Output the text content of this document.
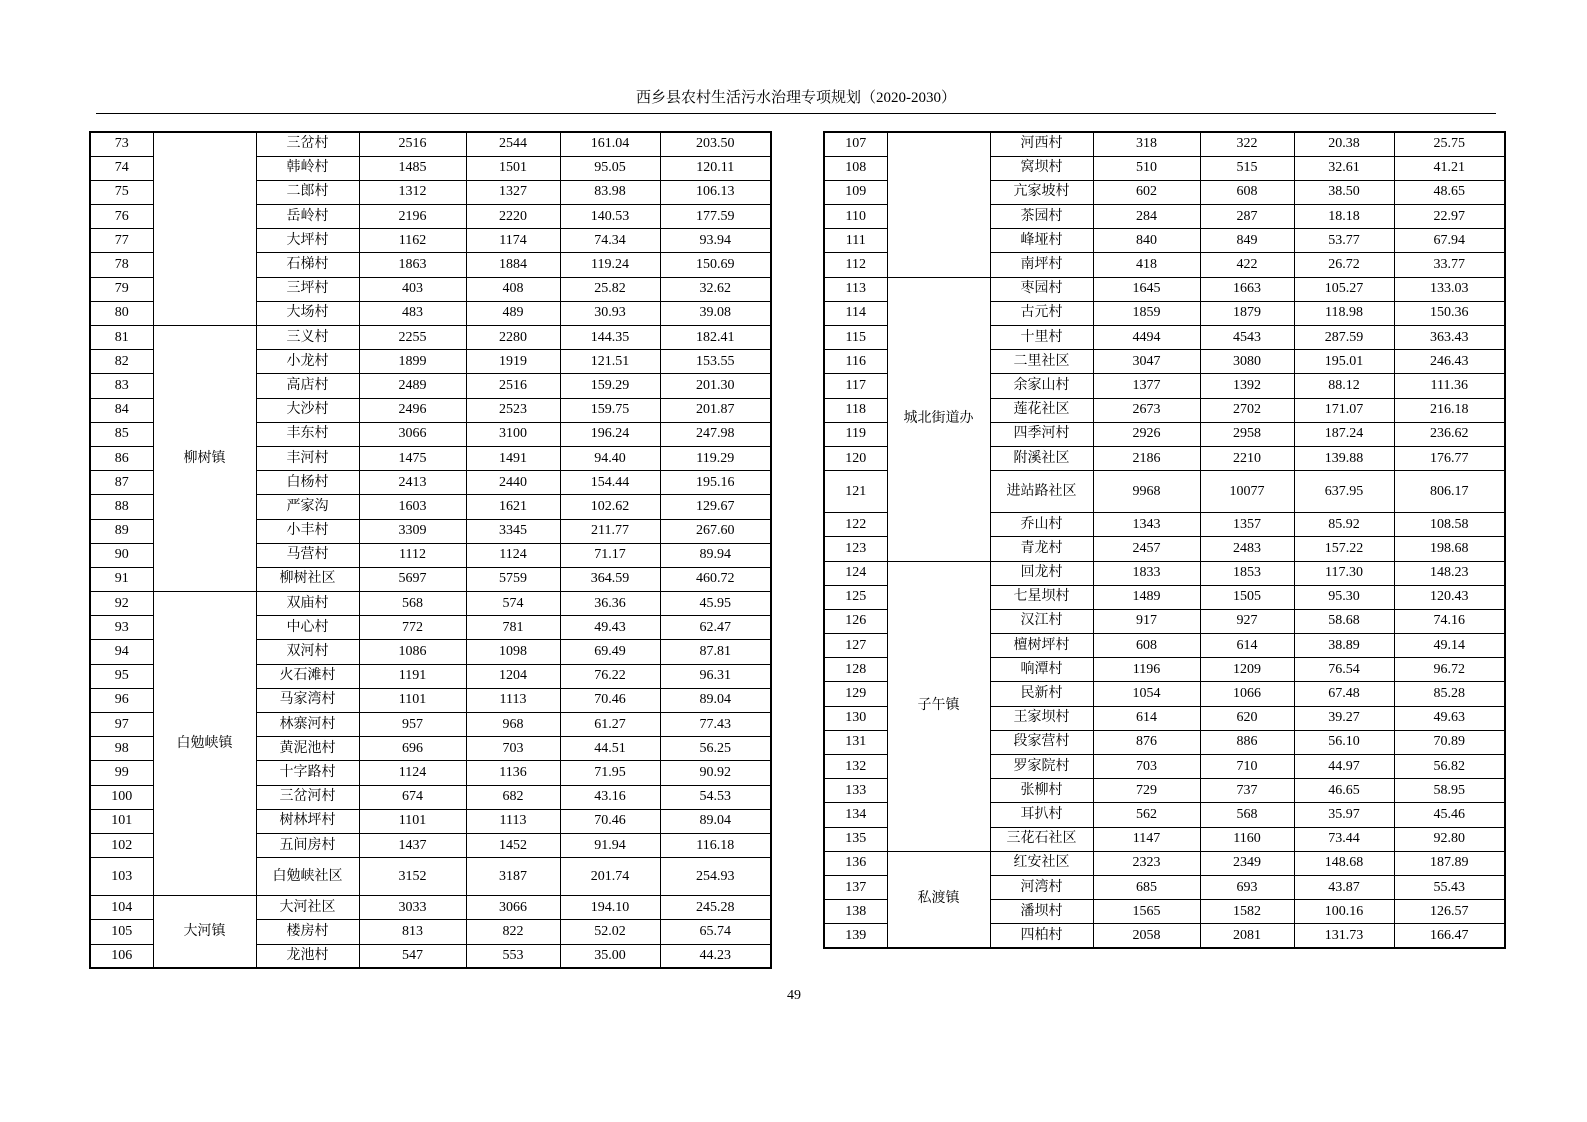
西乡县农村生活污水治理专项规划（2020-2030）
73		三岔村	2516	2544	161.04	203.50
74		韩岭村	1485	1501	95.05	120.11
75		二郎村	1312	1327	83.98	106.13
76		岳岭村	2196	2220	140.53	177.59
77		大坪村	1162	1174	74.34	93.94
78		石梯村	1863	1884	119.24	150.69
79		三坪村	403	408	25.82	32.62
80		大场村	483	489	30.93	39.08
81	柳树镇	三义村	2255	2280	144.35	182.41
82		小龙村	1899	1919	121.51	153.55
83		高店村	2489	2516	159.29	201.30
84		大沙村	2496	2523	159.75	201.87
85		丰东村	3066	3100	196.24	247.98
86		丰河村	1475	1491	94.40	119.29
87		白杨村	2413	2440	154.44	195.16
88		严家沟	1603	1621	102.62	129.67
89		小丰村	3309	3345	211.77	267.60
90		马营村	1112	1124	71.17	89.94
91		柳树社区	5697	5759	364.59	460.72
92	白勉峡镇	双庙村	568	574	36.36	45.95
93		中心村	772	781	49.43	62.47
94		双河村	1086	1098	69.49	87.81
95		火石滩村	1191	1204	76.22	96.31
96		马家湾村	1101	1113	70.46	89.04
97		林寨河村	957	968	61.27	77.43
98		黄泥池村	696	703	44.51	56.25
99		十字路村	1124	1136	71.95	90.92
100		三岔河村	674	682	43.16	54.53
101		树林坪村	1101	1113	70.46	89.04
102		五间房村	1437	1452	91.94	116.18
103		白勉峡社区	3152	3187	201.74	254.93
104	大河镇	大河社区	3033	3066	194.10	245.28
105		楼房村	813	822	52.02	65.74
106		龙池村	547	553	35.00	44.23
107		河西村	318	322	20.38	25.75
108		窝坝村	510	515	32.61	41.21
109		亢家坡村	602	608	38.50	48.65
110		茶园村	284	287	18.18	22.97
111		峰垭村	840	849	53.77	67.94
112		南坪村	418	422	26.72	33.77
113	城北街道办	枣园村	1645	1663	105.27	133.03
114		古元村	1859	1879	118.98	150.36
115		十里村	4494	4543	287.59	363.43
116		二里社区	3047	3080	195.01	246.43
117		余家山村	1377	1392	88.12	111.36
118		莲花社区	2673	2702	171.07	216.18
119		四季河村	2926	2958	187.24	236.62
120		附溪社区	2186	2210	139.88	176.77
121		进站路社区	9968	10077	637.95	806.17
122		乔山村	1343	1357	85.92	108.58
123		青龙村	2457	2483	157.22	198.68
124	子午镇	回龙村	1833	1853	117.30	148.23
125		七星坝村	1489	1505	95.30	120.43
126		汉江村	917	927	58.68	74.16
127		檀树坪村	608	614	38.89	49.14
128		响潭村	1196	1209	76.54	96.72
129		民新村	1054	1066	67.48	85.28
130		王家坝村	614	620	39.27	49.63
131		段家营村	876	886	56.10	70.89
132		罗家院村	703	710	44.97	56.82
133		张柳村	729	737	46.65	58.95
134		耳扒村	562	568	35.97	45.46
135		三花石社区	1147	1160	73.44	92.80
136	私渡镇	红安社区	2323	2349	148.68	187.89
137		河湾村	685	693	43.87	55.43
138		潘坝村	1565	1582	100.16	126.57
139		四柏村	2058	2081	131.73	166.47
49
